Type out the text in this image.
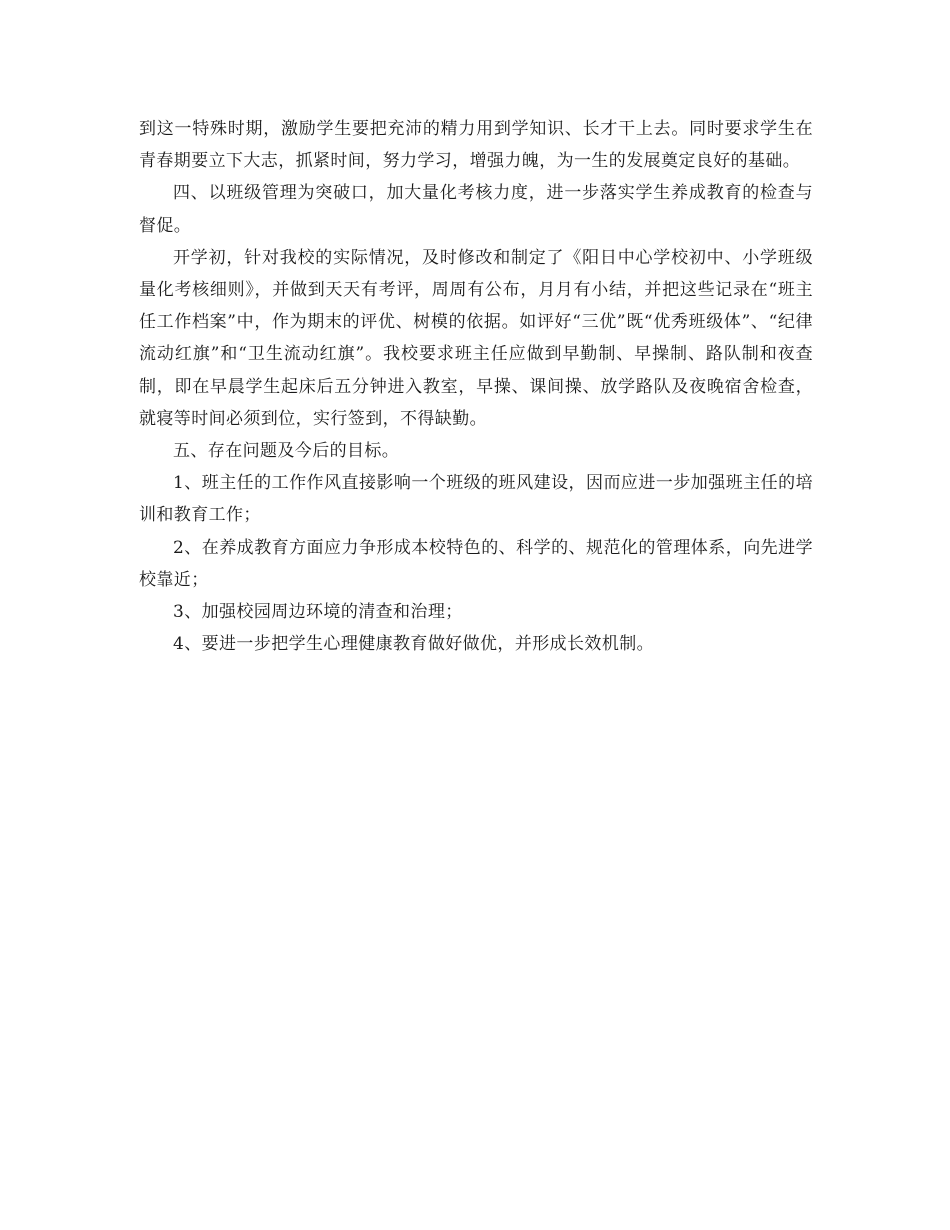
到这一特殊时期，激励学生要把充沛的精力用到学知识、长才干上去。同时要求学生在青春期要立下大志，抓紧时间，努力学习，增强力魄，为一生的发展奠定良好的基础。

四、以班级管理为突破口，加大量化考核力度，进一步落实学生养成教育的检查与督促。

开学初，针对我校的实际情况，及时修改和制定了《阳日中心学校初中、小学班级量化考核细则》，并做到天天有考评，周周有公布，月月有小结，并把这些记录在“班主任工作档案”中，作为期末的评优、树模的依据。如评好“三优”既“优秀班级体”、“纪律流动红旗”和“卫生流动红旗”。我校要求班主任应做到早勤制、早操制、路队制和夜查制，即在早晨学生起床后五分钟进入教室，早操、课间操、放学路队及夜晚宿舍检查，就寝等时间必须到位，实行签到，不得缺勤。

五、存在问题及今后的目标。

1、班主任的工作作风直接影响一个班级的班风建设，因而应进一步加强班主任的培训和教育工作；

2、在养成教育方面应力争形成本校特色的、科学的、规范化的管理体系，向先进学校靠近；

3、加强校园周边环境的清查和治理；

4、要进一步把学生心理健康教育做好做优，并形成长效机制。
